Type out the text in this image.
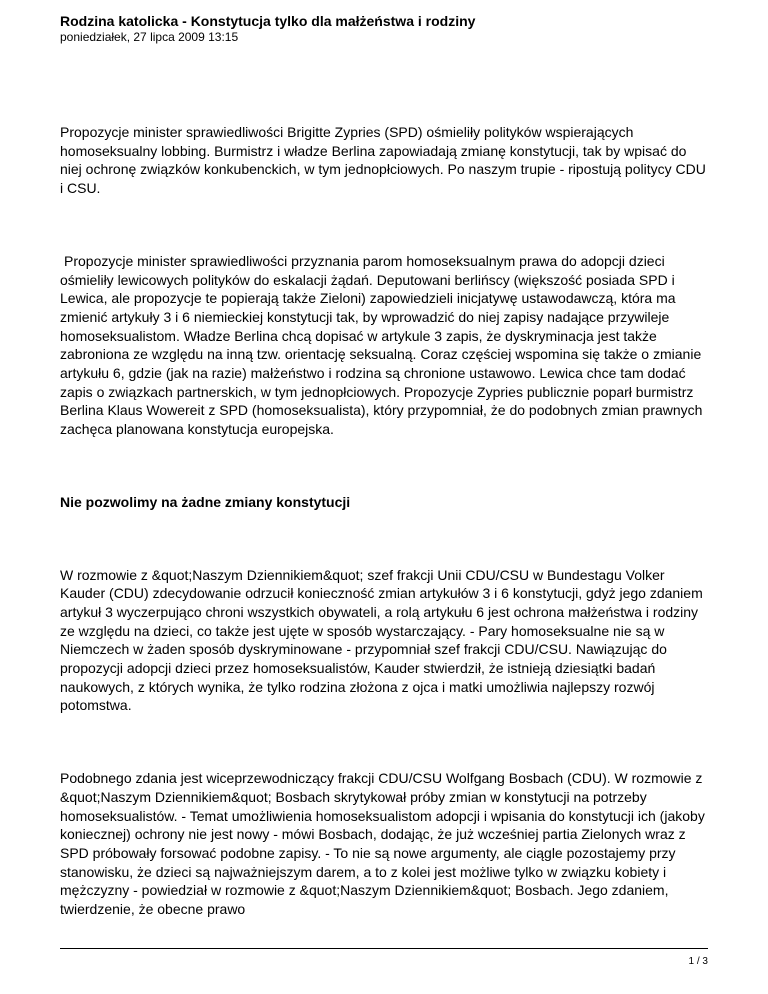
Rodzina katolicka - Konstytucja tylko dla małżeństwa i rodziny
poniedziałek, 27 lipca 2009 13:15

Propozycje minister sprawiedliwości Brigitte Zypries (SPD) ośmieliły polityków wspierających homoseksualny lobbing. Burmistrz i władze Berlina zapowiadają zmianę konstytucji, tak by wpisać do niej ochronę związków konkubenckich, w tym jednopłciowych. Po naszym trupie - ripostują politycy CDU i CSU.

Propozycje minister sprawiedliwości przyznania parom homoseksualnym prawa do adopcji dzieci ośmieliły lewicowych polityków do eskalacji żądań. Deputowani berlińscy (większość posiada SPD i Lewica, ale propozycje te popierają także Zieloni) zapowiedzieli inicjatywę ustawodawczą, która ma zmienić artykuły 3 i 6 niemieckiej konstytucji tak, by wprowadzić do niej zapisy nadające przywileje homoseksualistom. Władze Berlina chcą dopisać w artykule 3 zapis, że dyskryminacja jest także zabroniona ze względu na inną tzw. orientację seksualną. Coraz częściej wspomina się także o zmianie artykułu 6, gdzie (jak na razie) małżeństwo i rodzina są chronione ustawowo. Lewica chce tam dodać zapis o związkach partnerskich, w tym jednopłciowych. Propozycje Zypries publicznie poparł burmistrz Berlina Klaus Wowereit z SPD (homoseksualista), który przypomniał, że do podobnych zmian prawnych zachęca planowana konstytucja europejska.

Nie pozwolimy na żadne zmiany konstytucji

W rozmowie z &quot;Naszym Dziennikiem&quot; szef frakcji Unii CDU/CSU w Bundestagu Volker Kauder (CDU) zdecydowanie odrzucił konieczność zmian artykułów 3 i 6 konstytucji, gdyż jego zdaniem artykuł 3 wyczerpująco chroni wszystkich obywateli, a rolą artykułu 6 jest ochrona małżeństwa i rodziny ze względu na dzieci, co także jest ujęte w sposób wystarczający. - Pary homoseksualne nie są w Niemczech w żaden sposób dyskryminowane - przypomniał szef frakcji CDU/CSU. Nawiązując do propozycji adopcji dzieci przez homoseksualistów, Kauder stwierdził, że istnieją dziesiątki badań naukowych, z których wynika, że tylko rodzina złożona z ojca i matki umożliwia najlepszy rozwój potomstwa.

Podobnego zdania jest wiceprzewodniczący frakcji CDU/CSU Wolfgang Bosbach (CDU). W rozmowie z &quot;Naszym Dziennikiem&quot; Bosbach skrytykował próby zmian w konstytucji na potrzeby homoseksualistów. - Temat umożliwienia homoseksualistom adopcji i wpisania do konstytucji ich (jakoby koniecznej) ochrony nie jest nowy - mówi Bosbach, dodając, że już wcześniej partia Zielonych wraz z SPD próbowały forsować podobne zapisy. - To nie są nowe argumenty, ale ciągle pozostajemy przy stanowisku, że dzieci są najważniejszym darem, a to z kolei jest możliwe tylko w związku kobiety i mężczyzny - powiedział w rozmowie z &quot;Naszym Dziennikiem&quot; Bosbach. Jego zdaniem, twierdzenie, że obecne prawo

1 / 3
